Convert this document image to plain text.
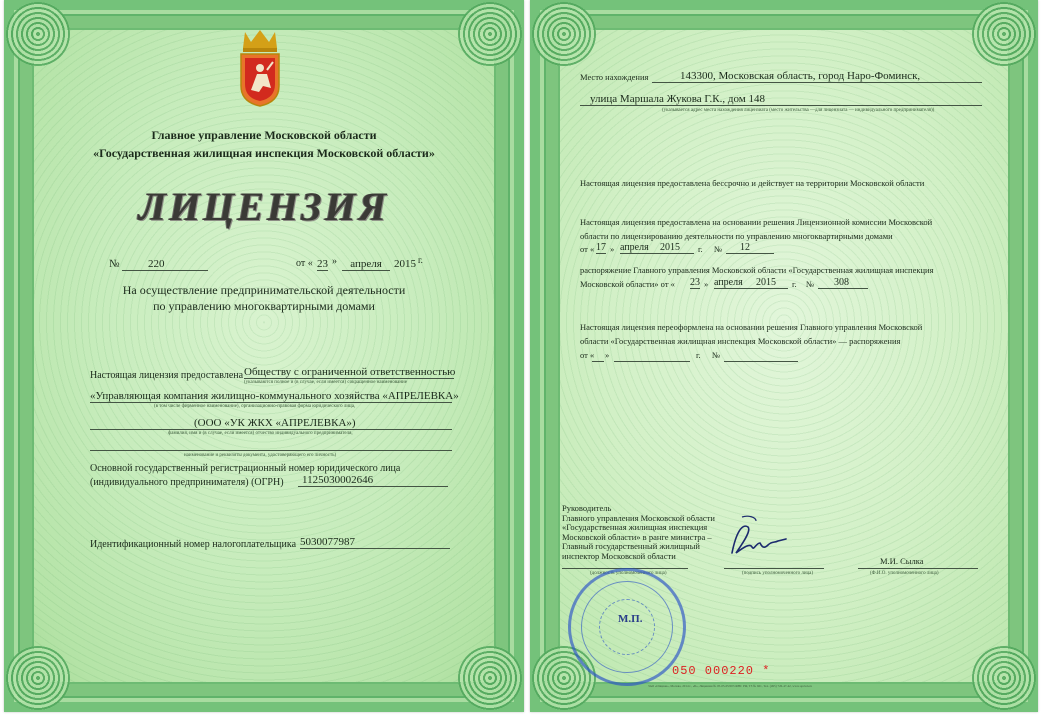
Главное управление Московской области
«Государственная жилищная инспекция Московской области»
ЛИЦЕНЗИЯ
№	220	от « 23 »	апреля	2015 г.
На осуществление предпринимательской деятельности
по управлению многоквартирными домами
Настоящая лицензия предоставлена Обществу с ограниченной ответственностью
(указываются полное и (в случае, если имеется) сокращенное наименование
«Управляющая компания жилищно-коммунального хозяйства «АПРЕЛЕВКА»
(в том числе фирменное наименование), организационно-правовая форма юридического лица,
(ООО «УК ЖКХ «АПРЕЛЕВКА»)
фамилия, имя и (в случае, если имеется) отчество индивидуального предпринимателя,
наименование и реквизиты документа, удостоверяющего его личность)
Основной государственный регистрационный номер юридического лица
(индивидуального предпринимателя) (ОГРН)	1125030002646
Идентификационный номер налогоплательщика 5030077987
Место нахождения	143300, Московская область, город Наро-Фоминск,
улица Маршала Жукова Г.К., дом 148
(указывается адрес места нахождения лицензиата (место жительства —для лицензиата — индивидуального предпринимателя))
Настоящая лицензия предоставлена бессрочно и действует на территории Московской области
Настоящая лицензия предоставлена на основании решения Лицензионной комиссии Московской
области по лицензированию деятельности по управлению многоквартирными домами
от « 17 » апреля	2015	г. №	12
распоряжение Главного управления Московской области «Государственная жилищная инспекция
Московской области» от « 23 » апреля	2015	г. №	308
Настоящая лицензия переоформлена на основании решения Главного управления Московской
области «Государственная жилищная инспекция Московской области» — распоряжения
от « »	г. №
Руководитель
Главного управления Московской области
«Государственная жилищная инспекция
Московской области» в ранге министра –
Главный государственный жилищный
инспектор Московской области
(должность уполномоченного лица)	(подпись уполномоченного лица)
М.И. Сылка
(Ф.И.О. уполномоченного лица)
М.П.
050 000220 *
ЗАО «Опцион», Москва, 2014 г., «Б», Лицензия № 05-05-05/003 ФНС РФ, ТЗ № 601, Тел. (495) 726-47-42, www.opcion.ru
